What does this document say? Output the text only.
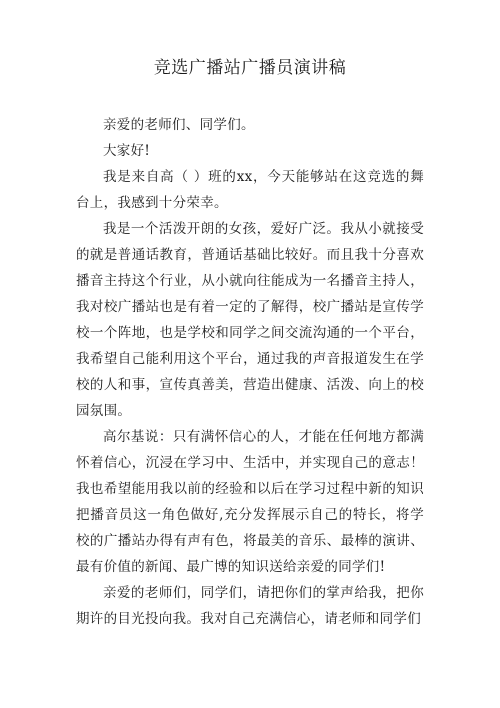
竞选广播站广播员演讲稿

亲爱的老师们、同学们。

大家好!

我是来自高（ ）班的xx，今天能够站在这竞选的舞台上，我感到十分荣幸。

我是一个活泼开朗的女孩，爱好广泛。我从小就接受的就是普通话教育，普通话基础比较好。而且我十分喜欢播音主持这个行业，从小就向往能成为一名播音主持人，我对校广播站也是有着一定的了解得，校广播站是宣传学校一个阵地，也是学校和同学之间交流沟通的一个平台，我希望自己能利用这个平台，通过我的声音报道发生在学校的人和事，宣传真善美，营造出健康、活泼、向上的校园氛围。

高尔基说：只有满怀信心的人，才能在任何地方都满怀着信心，沉浸在学习中、生活中，并实现自己的意志！我也希望能用我以前的经验和以后在学习过程中新的知识把播音员这一角色做好,充分发挥展示自己的特长，将学校的广播站办得有声有色，将最美的音乐、最棒的演讲、最有价值的新闻、最广博的知识送给亲爱的同学们!

亲爱的老师们，同学们，请把你们的掌声给我，把你期许的目光投向我。我对自己充满信心，请老师和同学们
